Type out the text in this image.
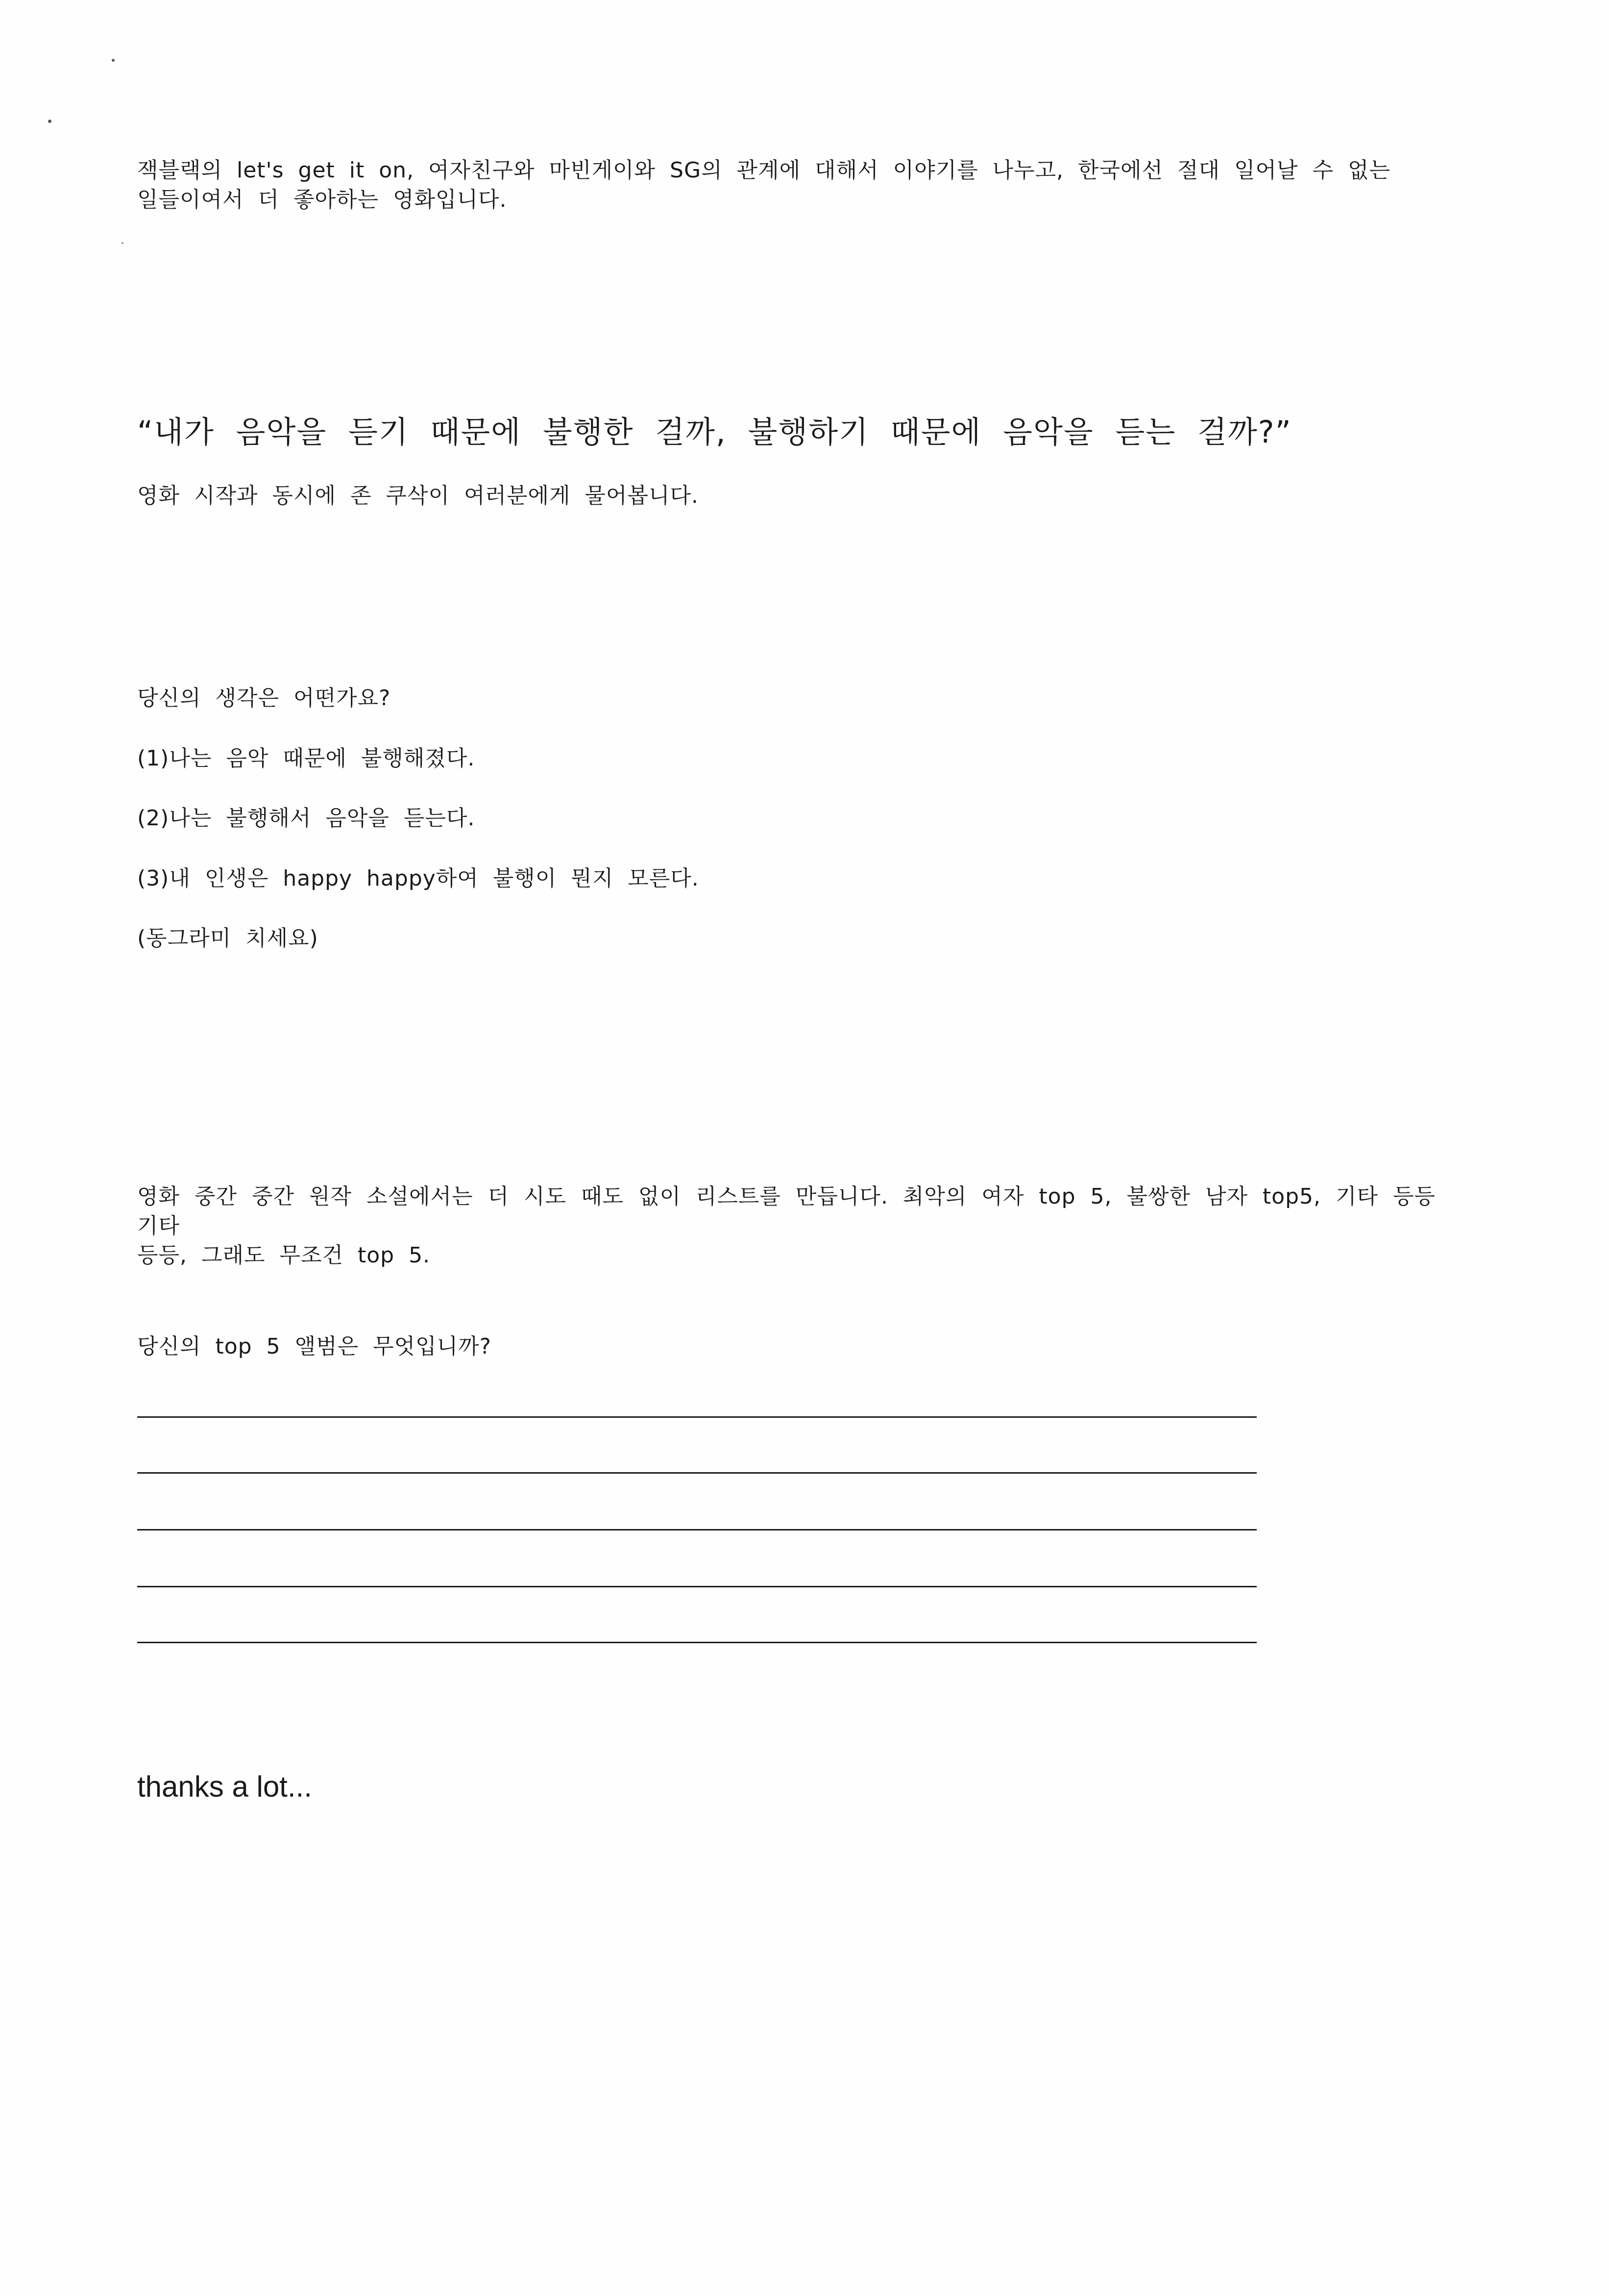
잭블랙의 let's get it on, 여자친구와 마빈게이와 SG의 관계에 대해서 이야기를 나누고, 한국에선 절대 일어날 수 없는

일들이여서 더 좋아하는 영화입니다.

“내가 음악을 듣기 때문에 불행한 걸까, 불행하기 때문에 음악을 듣는 걸까?”

영화 시작과 동시에 존 쿠삭이 여러분에게 물어봅니다.

당신의 생각은 어떤가요?

(1)나는 음악 때문에 불행해졌다.

(2)나는 불행해서 음악을 듣는다.

(3)내 인생은 happy happy하여 불행이 뭔지 모른다.

(동그라미 치세요)

영화 중간 중간 원작 소설에서는 더 시도 때도 없이 리스트를 만듭니다. 최악의 여자 top 5, 불쌍한 남자 top5, 기타 등등 기타

등등, 그래도 무조건 top 5.

당신의 top 5 앨범은 무엇입니까?

thanks a lot...
